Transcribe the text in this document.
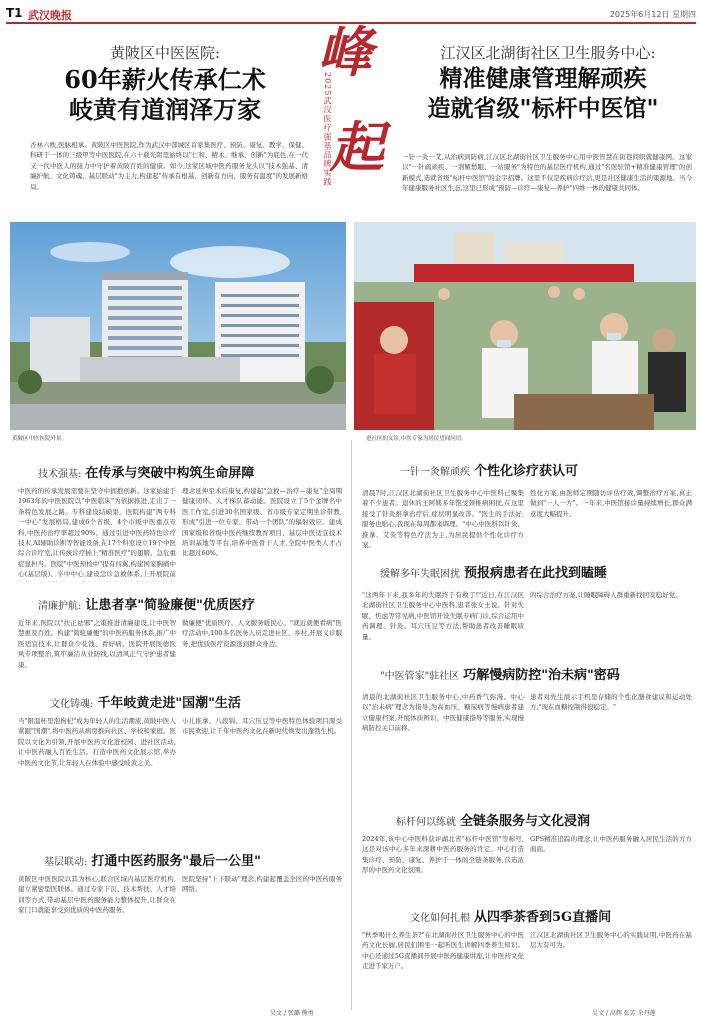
T1 武汉晚报	2025年6月12日 星期四
峰
起
2025武汉医疗强基品牌实践
黄陂区中医医院:
60年薪火传承仁术
岐黄有道润泽万家
杏林六秩,医脉相承。黄陂区中医医院,作为武汉中部城区首家集医疗、预防、康复、教学、保健、科研于一体的三级甲等中医医院,在六十载光阴里始终以"仁和、精术、继承、创新"为底色,在一代又一代中医人的接力中守护着黄陂百姓的健康。如今,这家区域中医药服务龙头以"技术强基、清廉护航、文化铸魂、基层联动"为主力,构建起"传承有根基、创新有方向、服务有温度"的发展新格局。
江汉区北湖街社区卫生服务中心:
精准健康管理解顽疾
造就省级"标杆中医馆"
一针一灸一艾,从治病到防病,江汉区北湖街社区卫生服务中心用中医智慧在街巷间织就健康网。这家以"一针疏顽疾、一剂解愁眠、一站服务"为特色的基层医疗机构,通过"名医驻馆+精准健康管理"的创新模式,造就省级"标杆中医馆"的金字招牌。这里不仅是疾病诊疗站,更是社区健康生活的策源地。当今年健康服务社区生态,这里已形成"预防—诊疗—康复—养护"四维一体的健康共同体。
黄陂区中医医院外景。	进社区的义诊,中医专家为居民望闻问切。
技术强基: 在传承与突破中构筑生命屏障
中医药的传承发展需要在坚守中拥抱创新。这家始建于1963年的中医医院以"中医临床"为依据推进,走出了一条特色发展之路。专科建设结硕果。医院构建"两专科一中心"发展格局,建成6个省级、4个市级中医重点专科,中医药治疗率超过90%。通过引进中医药特色诊疗技术,AI辅助诊断等智能设备,在17个科室设立19个中医综合诊疗室,让传统诊疗插上"精准医疗"的翅膀。急危重症显担当。医院"中医预检中"提有四翼,构建国家胸痛中心(基层版)、卒中中心,建设急诊急救体系,上开展院前
理念延伸至术后康复,构建起"急救—治疗—康复"全周期健康闭环。人才梯队蓄动能。医院设立了5个金牌名中医工作室,引进30名国家级、省市级专家定期坐诊带教,形成"引进一位专家、带动一个团队"的辐射效应。建成国家级和省级中医药继续教育项目、基层中医适宜技术培训基地等平台,培养中医骨干人才,全院中医类人才占比超过60%。
清廉护航: 让患者享"简验廉便"优质医疗
近年来,医院以"扶正祛邪"之策推进清廉建设,让中医智慧惠及百姓。构建"简验廉便"的中医药服务体系,推广中医适宜技术,让群众少花钱、看好病。医院开展医德医风专项整治,筑牢廉洁从业防线,以清风正气守护患者健康。
做廉便"优质医疗。人文服务暖民心。"就近就便看病"医疗活动中,100多名医务人员走进社区、乡村,开展义诊服务,把优质医疗资源送到群众身边。
文化铸魂: 千年岐黄走进"国潮"生活
当"限温杯里泡枸杞"成为年轻人的生活潮流,黄陂中医人紧跟"国潮",将中医药从病房推向社区、学校和家庭。医院以文化为引领,开展中医药文化进校园、进社区活动,让中医药融入百姓生活。打造中医药文化展示馆,举办中医药文化节,让年轻人在体验中感受岐黄之美。
小儿推拿、八段锦、耳穴压豆等中医特色体验项目深受市民欢迎,让千年中医药文化在新时代焕发出蓬勃生机。
基层联动: 打通中医药服务"最后一公里"
黄陂区中医医院以其为核心,联合区域内基层医疗机构,建立紧密型医联体。通过专家下沉、技术帮扶、人才培训等方式,带动基层中医药服务能力整体提升,让群众在家门口就能享受到优质的中医药服务。
医院坚持"上下联动"理念,构建起覆盖全区的中医药服务网络。
吴文 / 张璐 熊勇
一针一灸解顽疾 个性化诊疗获认可
清晨7时,江汉区北湖街社区卫生服务中心中医科已聚集着不少患者。退休的王阿姨多年饱受颈椎病困扰,在这里接受了针灸推拿治疗后,症状明显改善。"医生的手法好,服务也贴心,我现在每周都来调理。"中心中医科以针灸、推拿、艾灸等特色疗法为主,为居民提供个性化诊疗方案。
性化方案,由医师定期随访评估疗效,调整治疗方案,真正做到"一人一方"。一年来,中医馆接诊量持续增长,群众满意度大幅提升。
缓解多年失眠困扰 预报病患者在此找到瞌睡
"这两年下来,我多年的失眠终于有救了!"近日,在江汉区北湖街社区卫生服务中心中医科,患者张女士说。针对失眠、焦虑等常见病,中医馆开设失眠专病门诊,综合运用中药调理、针灸、耳穴压豆等方法,帮助患者改善睡眠质量。
的综合治疗方案,让睡眠障碍人群重新找回安稳好觉。
"中医管家"驻社区 巧解慢病防控"治未病"密码
清晨的北湖街社区卫生服务中心,中药香气弥漫。中心以"治未病"理念为指导,为高血压、糖尿病等慢病患者建立健康档案,开展体质辨识、中医健康指导等服务,实现慢病防控关口前移。
患者对先生展示手机里存储的个性化膳食建议和运动处方,"现在血糖控制得很稳定。"
标杆何以练就 全链条服务与文化浸润
2024年,该中心中医科获评湖北省"标杆中医馆"等称号,这是对该中心多年来深耕中医药服务的肯定。中心打造集诊疗、预防、康复、养护于一体的全链条服务,营造浓厚的中医药文化氛围。
GPS精准追踪的理念,让中医药服务融入居民生活的方方面面。
文化如何扎根 从四季茶香到5G直播间
"秋季喝什么养生茶?"在北湖街社区卫生服务中心的中医药文化长廊,居民们围坐一起听医生讲解四季养生知识。中心还通过5G直播间开展中医药健康讲座,让中医药文化走进千家万户。
江汉区北湖街社区卫生服务中心的实践证明,中医药在基层大有可为。
吴文 / 高辉 张芳 余丹莲
